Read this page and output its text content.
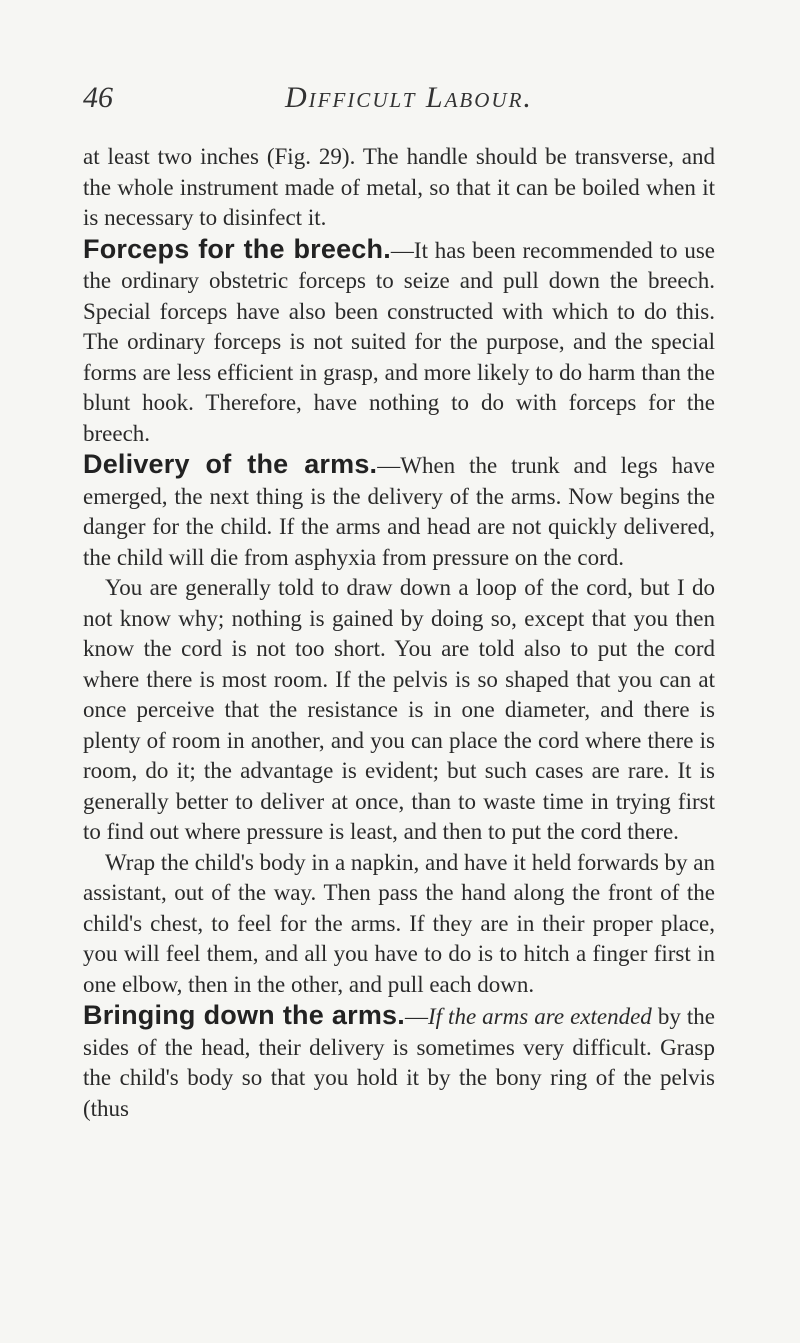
46	Difficult Labour.

at least two inches (Fig. 29). The handle should be transverse, and the whole instrument made of metal, so that it can be boiled when it is necessary to disinfect it.

Forceps for the breech.—It has been recommended to use the ordinary obstetric forceps to seize and pull down the breech. Special forceps have also been constructed with which to do this. The ordinary forceps is not suited for the purpose, and the special forms are less efficient in grasp, and more likely to do harm than the blunt hook. Therefore, have nothing to do with forceps for the breech.

Delivery of the arms.—When the trunk and legs have emerged, the next thing is the delivery of the arms. Now begins the danger for the child. If the arms and head are not quickly delivered, the child will die from asphyxia from pressure on the cord.

You are generally told to draw down a loop of the cord, but I do not know why; nothing is gained by doing so, except that you then know the cord is not too short. You are told also to put the cord where there is most room. If the pelvis is so shaped that you can at once perceive that the resistance is in one diameter, and there is plenty of room in another, and you can place the cord where there is room, do it; the advantage is evident; but such cases are rare. It is generally better to deliver at once, than to waste time in trying first to find out where pressure is least, and then to put the cord there.

Wrap the child's body in a napkin, and have it held forwards by an assistant, out of the way. Then pass the hand along the front of the child's chest, to feel for the arms. If they are in their proper place, you will feel them, and all you have to do is to hitch a finger first in one elbow, then in the other, and pull each down.

Bringing down the arms.—If the arms are extended by the sides of the head, their delivery is sometimes very difficult. Grasp the child's body so that you hold it by the bony ring of the pelvis (thus
